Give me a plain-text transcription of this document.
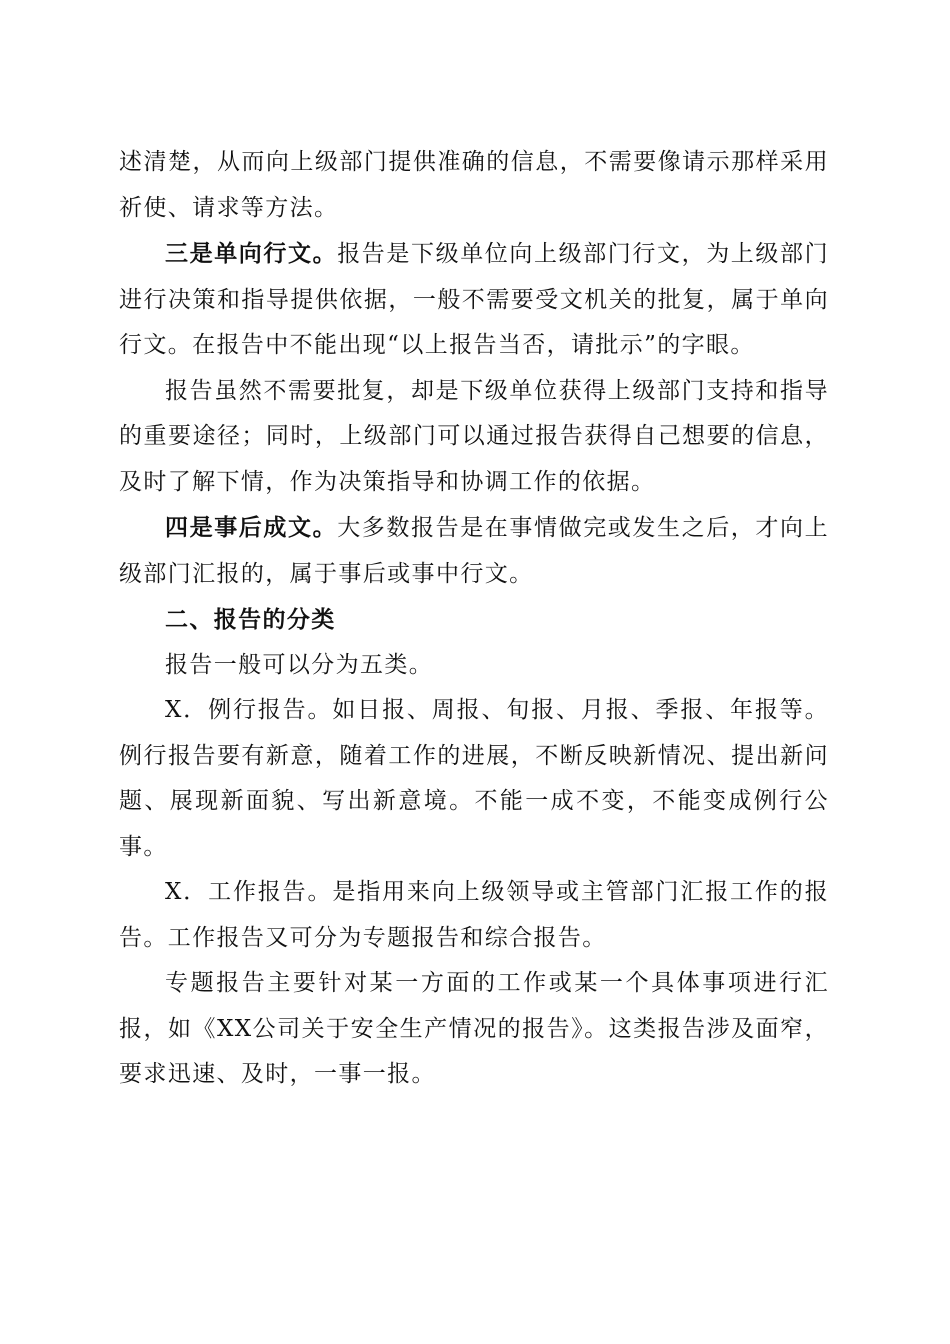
述清楚，从而向上级部门提供准确的信息，不需要像请示那样采用祈使、请求等方法。

三是单向行文。报告是下级单位向上级部门行文，为上级部门进行决策和指导提供依据，一般不需要受文机关的批复，属于单向行文。在报告中不能出现“以上报告当否，请批示”的字眼。

报告虽然不需要批复，却是下级单位获得上级部门支持和指导的重要途径；同时，上级部门可以通过报告获得自己想要的信息，及时了解下情，作为决策指导和协调工作的依据。

四是事后成文。大多数报告是在事情做完或发生之后，才向上级部门汇报的，属于事后或事中行文。

二、报告的分类

报告一般可以分为五类。

X．例行报告。如日报、周报、旬报、月报、季报、年报等。例行报告要有新意，随着工作的进展，不断反映新情况、提出新问题、展现新面貌、写出新意境。不能一成不变，不能变成例行公事。

X．工作报告。是指用来向上级领导或主管部门汇报工作的报告。工作报告又可分为专题报告和综合报告。

专题报告主要针对某一方面的工作或某一个具体事项进行汇报，如《XX公司关于安全生产情况的报告》。这类报告涉及面窄，要求迅速、及时，一事一报。
